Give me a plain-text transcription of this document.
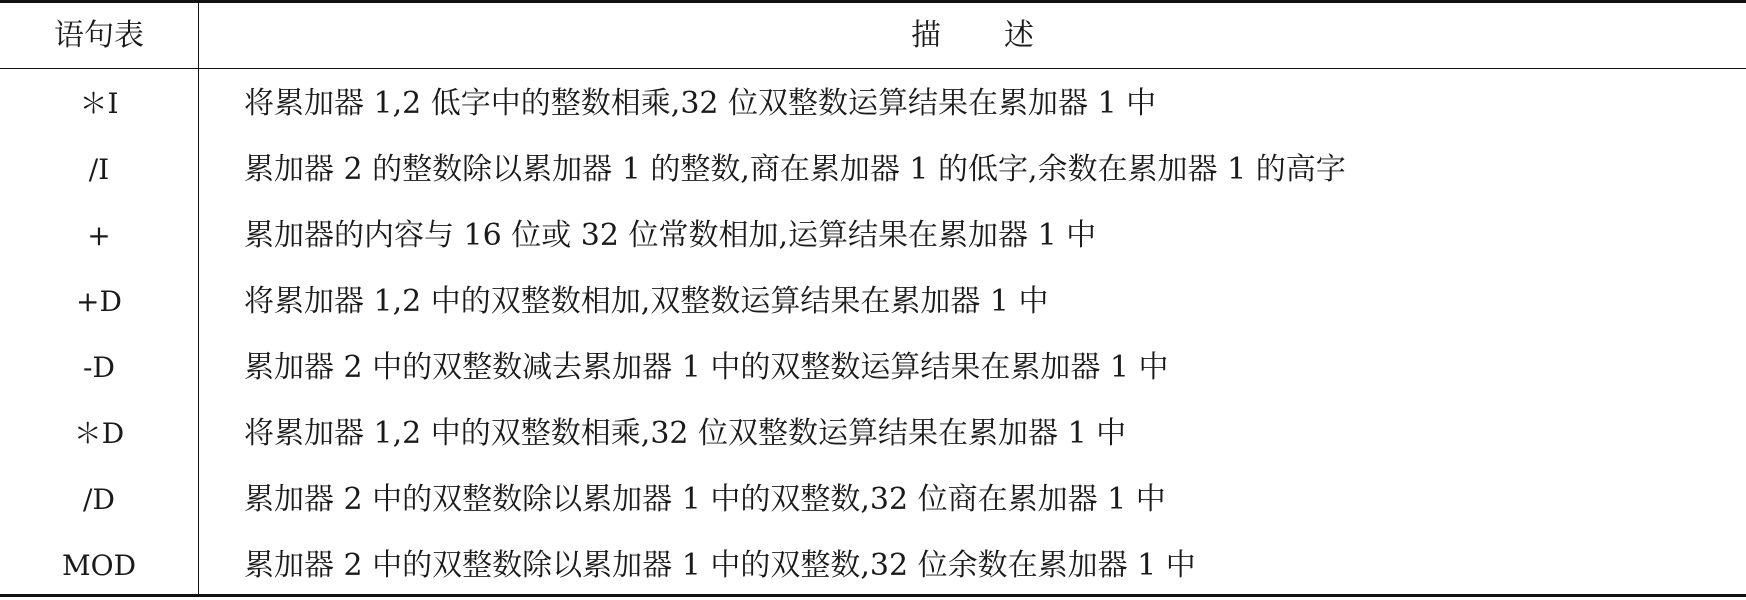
语句表	描　　述
＊I	将累加器 1,2 低字中的整数相乘,32 位双整数运算结果在累加器 1 中
/I	累加器 2 的整数除以累加器 1 的整数,商在累加器 1 的低字,余数在累加器 1 的高字
+	累加器的内容与 16 位或 32 位常数相加,运算结果在累加器 1 中
+D	将累加器 1,2 中的双整数相加,双整数运算结果在累加器 1 中
-D	累加器 2 中的双整数减去累加器 1 中的双整数运算结果在累加器 1 中
＊D	将累加器 1,2 中的双整数相乘,32 位双整数运算结果在累加器 1 中
/D	累加器 2 中的双整数除以累加器 1 中的双整数,32 位商在累加器 1 中
MOD	累加器 2 中的双整数除以累加器 1 中的双整数,32 位余数在累加器 1 中
